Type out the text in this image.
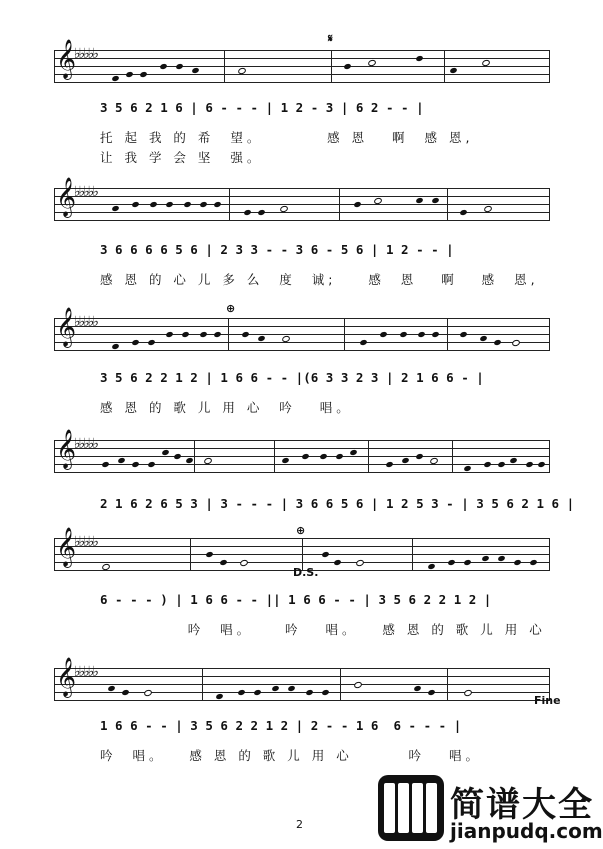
𝄞
♭♭♭♭♭
𝄋
3 5 6 2 1 6 | 6 - - - | 1 2 - 3 | 6 2 - - |
托 起 我 的 希  望。        感 恩   啊  感 恩,
让 我 学 会 坚  强。
𝄞
♭♭♭♭♭
3 6 6 6 6 5 6 | 2 3 3 - - 3 6 - 5 6 | 1 2 - - |
感 恩 的 心 儿 多 么  度  诚;    感  恩   啊   感  恩,
𝄞
♭♭♭♭♭
⊕
3 5 6 2 2 1 2 | 1 6 6 - - |(6 3 3 2 3 | 2 1 6 6 - |
感 恩 的 歌 儿 用 心  吟   唱。
𝄞
♭♭♭♭♭
2 1 6 2 6 5 3 | 3 - - - | 3 6 6 5 6 | 1 2 5 3 - | 3 5 6 2 1 6 |
𝄞
♭♭♭♭♭
⊕
D.S.
6 - - - ) | 1 6 6 - - || 1 6 6 - - | 3 5 6 2 2 1 2 |
吟  唱。    吟   唱。   感 恩 的 歌 儿 用 心
𝄞
♭♭♭♭♭
Fine
1 6 6 - - | 3 5 6 2 2 1 2 | 2 - - 1 6  6 - - - |
吟  唱。   感 恩 的 歌 儿 用 心       吟   唱。
2	简谱大全
jianpudq.com
